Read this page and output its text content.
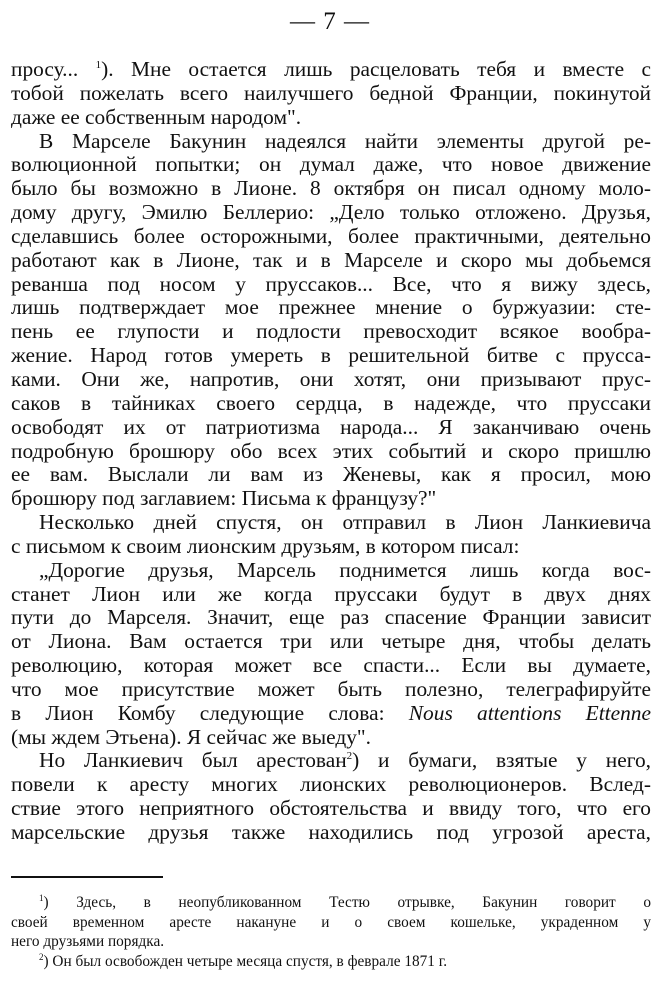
— 7 —
просу... $^1$). Мне остается лишь расцеловать тебя и вместе с
тобой пожелать всего наилучшего бедной Франции, покинутой
даже ее собственным народом".
В Марселе Бакунин надеялся найти элементы другой ре-
волюционной попытки; он думал даже, что новое движение
было бы возможно в Лионе. 8 октября он писал одному моло-
дому другу, Эмилю Беллерио: „Дело только отложено. Друзья,
сделавшись более осторожными, более практичными, деятельно
работают как в Лионе, так и в Марселе и скоро мы добьемся
реванша под носом у пруссаков... Все, что я вижу здесь,
лишь подтверждает мое прежнее мнение о буржуазии: сте-
пень ее глупости и подлости превосходит всякое вообра-
жение. Народ готов умереть в решительной битве с прусса-
ками. Они же, напротив, они хотят, они призывают прус-
саков в тайниках своего сердца, в надежде, что пруссаки
освободят их от патриотизма народа... Я заканчиваю очень
подробную брошюру обо всех этих событий и скоро пришлю
ее вам. Выслали ли вам из Женевы, как я просил, мою
брошюру под заглавием: Письма к французу?"
Несколько дней спустя, он отправил в Лион Ланкиевича
с письмом к своим лионским друзьям, в котором писал:
„Дорогие друзья, Марсель поднимется лишь когда вос-
станет Лион или же когда пруссаки будут в двух днях
пути до Марселя. Значит, еще раз спасение Франции зависит
от Лиона. Вам остается три или четыре дня, чтобы делать
революцию, которая может все спасти... Если вы думаете,
что мое присутствие может быть полезно, телеграфируйте
в Лион Комбу следующие слова: Nous attentions Ettenne
(мы ждем Этьена). Я сейчас же выеду".
Но Ланкиевич был арестован$^2$) и бумаги, взятые у него,
повели к аресту многих лионских революционеров. Вслед-
ствие этого неприятного обстоятельства и ввиду того, что его
марсельские друзья также находились под угрозой ареста,
$^1$) Здесь, в неопубликованном Тестю отрывке, Бакунин говорит о
своей временном аресте накануне и о своем кошельке, украденном у
него друзьями порядка.
$^2$) Он был освобожден четыре месяца спустя, в феврале 1871 г.
